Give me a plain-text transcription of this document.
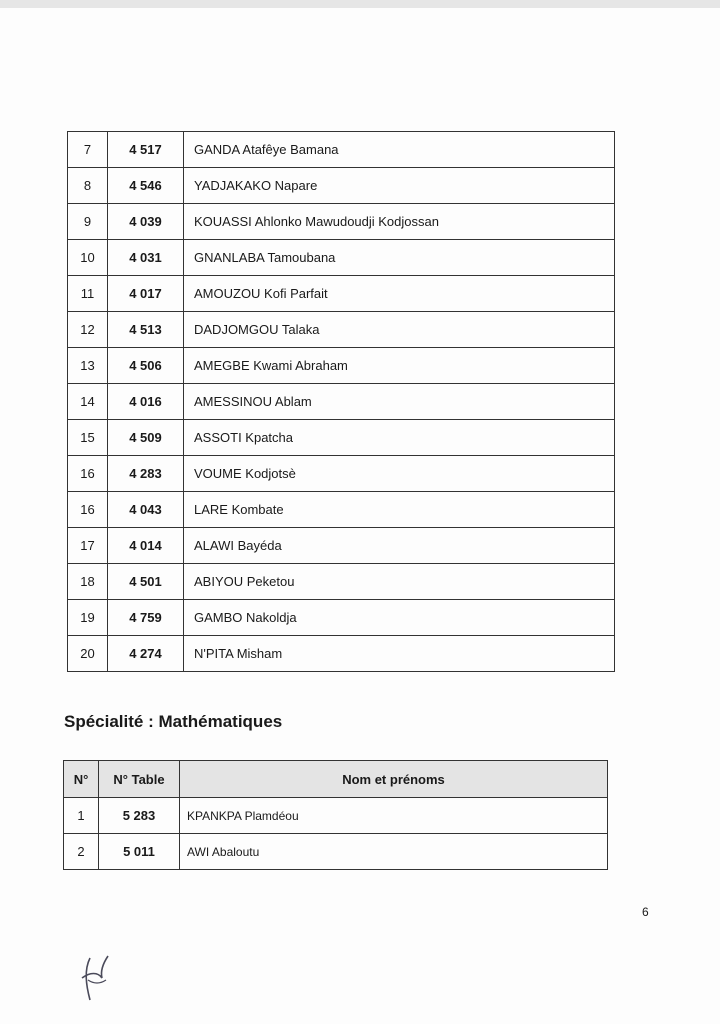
7	4 517	GANDA Atafêye Bamana
8	4 546	YADJAKAKO Napare
9	4 039	KOUASSI Ahlonko Mawudoudji Kodjossan
10	4 031	GNANLABA Tamoubana
11	4 017	AMOUZOU Kofi Parfait
12	4 513	DADJOMGOU Talaka
13	4 506	AMEGBE Kwami Abraham
14	4 016	AMESSINOU Ablam
15	4 509	ASSOTI Kpatcha
16	4 283	VOUME Kodjotsè
16	4 043	LARE Kombate
17	4 014	ALAWI Bayéda
18	4 501	ABIYOU Peketou
19	4 759	GAMBO Nakoldja
20	4 274	N'PITA Misham
Spécialité : Mathématiques
N°	N° Table	Nom et prénoms
1	5 283	KPANKPA Plamdéou
2	5 011	AWI Abaloutu
6
